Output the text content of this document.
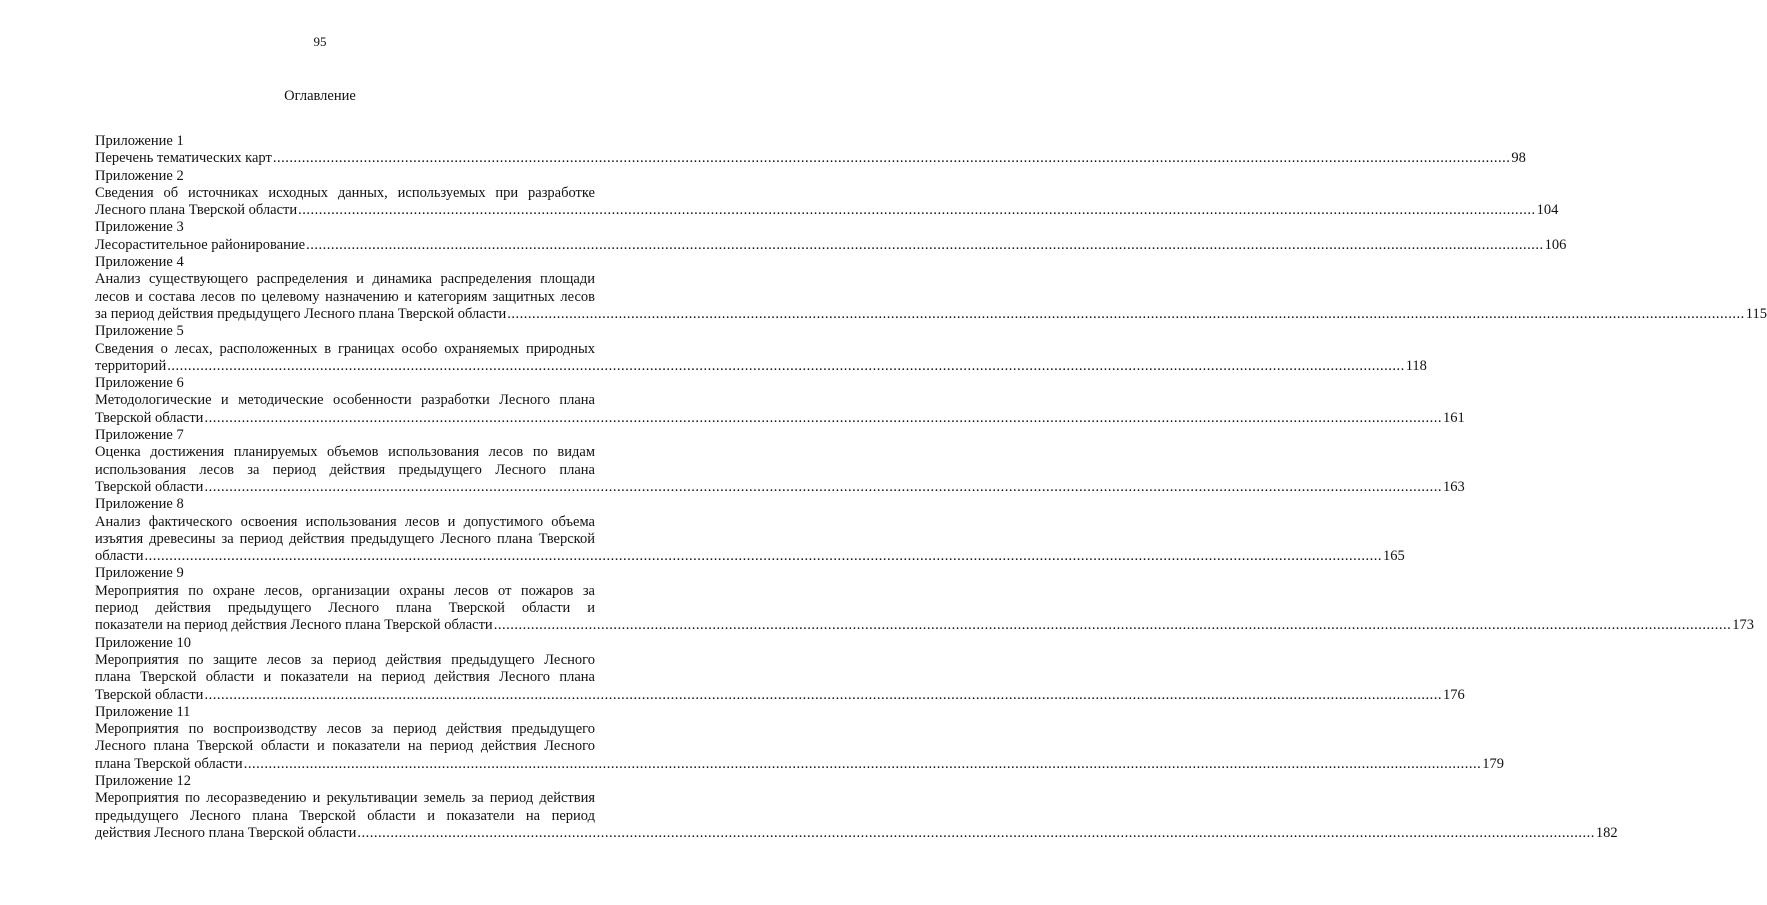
95
Оглавление
Приложение 1
Перечень тематических карт ............................................................................................................................................................................................................................................................................................................ 98
Приложение 2
Сведения об источниках исходных данных, используемых при разработке
Лесного плана Тверской области ............................................................................................................................................................................................................................................................................................................ 104
Приложение 3
Лесорастительное районирование ............................................................................................................................................................................................................................................................................................................ 106
Приложение 4
Анализ существующего распределения и динамика распределения площади
лесов и состава лесов по целевому назначению и категориям защитных лесов
за период действия предыдущего Лесного плана Тверской области ............................................................................................................................................................................................................................................................................................................ 115
Приложение 5
Сведения о лесах, расположенных в границах особо охраняемых природных
территорий ............................................................................................................................................................................................................................................................................................................ 118
Приложение 6
Методологические и методические особенности разработки Лесного плана
Тверской области ............................................................................................................................................................................................................................................................................................................ 161
Приложение 7
Оценка достижения планируемых объемов использования лесов по видам
использования лесов за период действия предыдущего Лесного плана
Тверской области ............................................................................................................................................................................................................................................................................................................ 163
Приложение 8
Анализ фактического освоения использования лесов и допустимого объема
изъятия древесины за период действия предыдущего Лесного плана Тверской
области ............................................................................................................................................................................................................................................................................................................ 165
Приложение 9
Мероприятия по охране лесов, организации охраны лесов от пожаров за
период действия предыдущего Лесного плана Тверской области и
показатели на период действия Лесного плана Тверской области ............................................................................................................................................................................................................................................................................................................ 173
Приложение 10
Мероприятия по защите лесов за период действия предыдущего Лесного
плана Тверской области и показатели на период действия Лесного плана
Тверской области ............................................................................................................................................................................................................................................................................................................ 176
Приложение 11
Мероприятия по воспроизводству лесов за период действия предыдущего
Лесного плана Тверской области и показатели на период действия Лесного
плана Тверской области ............................................................................................................................................................................................................................................................................................................ 179
Приложение 12
Мероприятия по лесоразведению и рекультивации земель за период действия
предыдущего Лесного плана Тверской области и показатели на период
действия Лесного плана Тверской области ............................................................................................................................................................................................................................................................................................................ 182
